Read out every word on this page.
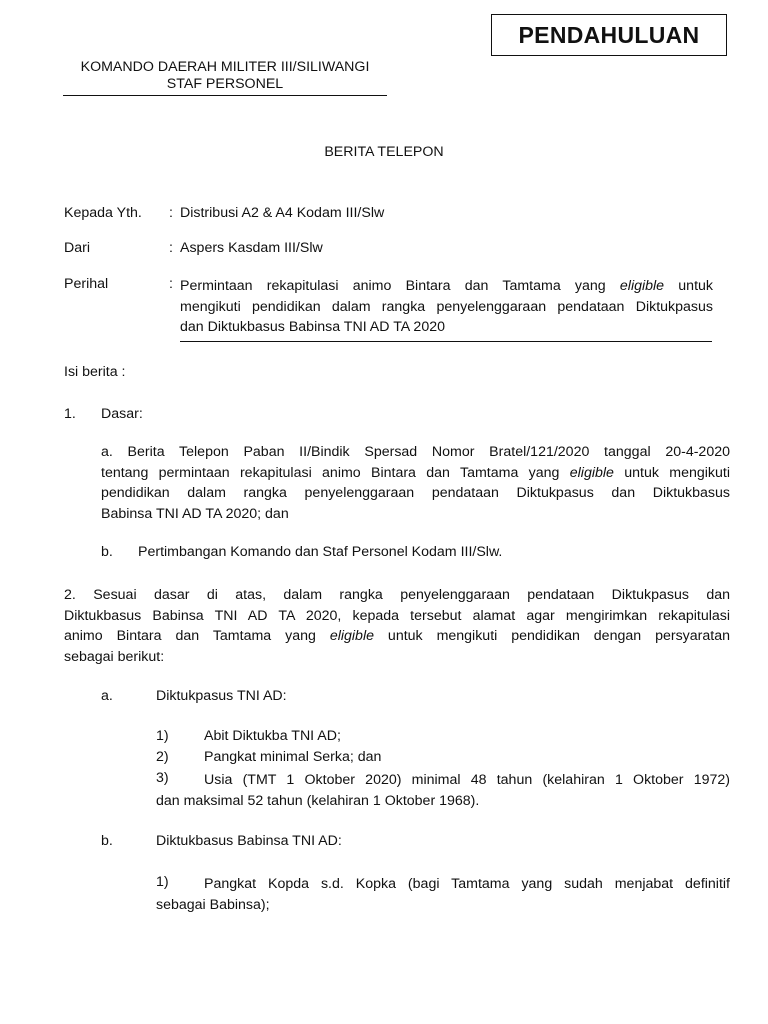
PENDAHULUAN
KOMANDO DAERAH MILITER III/SILIWANGI
STAF PERSONEL
BERITA TELEPON
Kepada Yth. : Distribusi A2 & A4 Kodam III/Slw
Dari	: Aspers Kasdam III/Slw
Perihal	: Permintaan rekapitulasi animo Bintara dan Tamtama yang eligible untuk
mengikuti pendidikan dalam rangka penyelenggaraan pendataan Diktukpasus
dan Diktukbasus Babinsa TNI AD TA 2020
Isi berita :
1. Dasar:
a. Berita Telepon Paban II/Bindik Spersad Nomor Bratel/121/2020 tanggal 20-4-2020
tentang permintaan rekapitulasi animo Bintara dan Tamtama yang eligible untuk mengikuti
pendidikan dalam rangka penyelenggaraan pendataan Diktukpasus dan Diktukbasus
Babinsa TNI AD TA 2020; dan
b. Pertimbangan Komando dan Staf Personel Kodam III/Slw.
2. Sesuai dasar di atas, dalam rangka penyelenggaraan pendataan Diktukpasus dan
Diktukbasus Babinsa TNI AD TA 2020, kepada tersebut alamat agar mengirimkan rekapitulasi
animo Bintara dan Tamtama yang eligible untuk mengikuti pendidikan dengan persyaratan
sebagai berikut:
a.	Diktukpasus TNI AD:
1) Abit Diktukba TNI AD;
2) Pangkat minimal Serka; dan
3)	Usia (TMT 1 Oktober 2020) minimal 48 tahun (kelahiran 1 Oktober 1972)
dan maksimal 52 tahun (kelahiran 1 Oktober 1968).
b.	Diktukbasus Babinsa TNI AD:
1)	Pangkat Kopda s.d. Kopka (bagi Tamtama yang sudah menjabat definitif
sebagai Babinsa);
